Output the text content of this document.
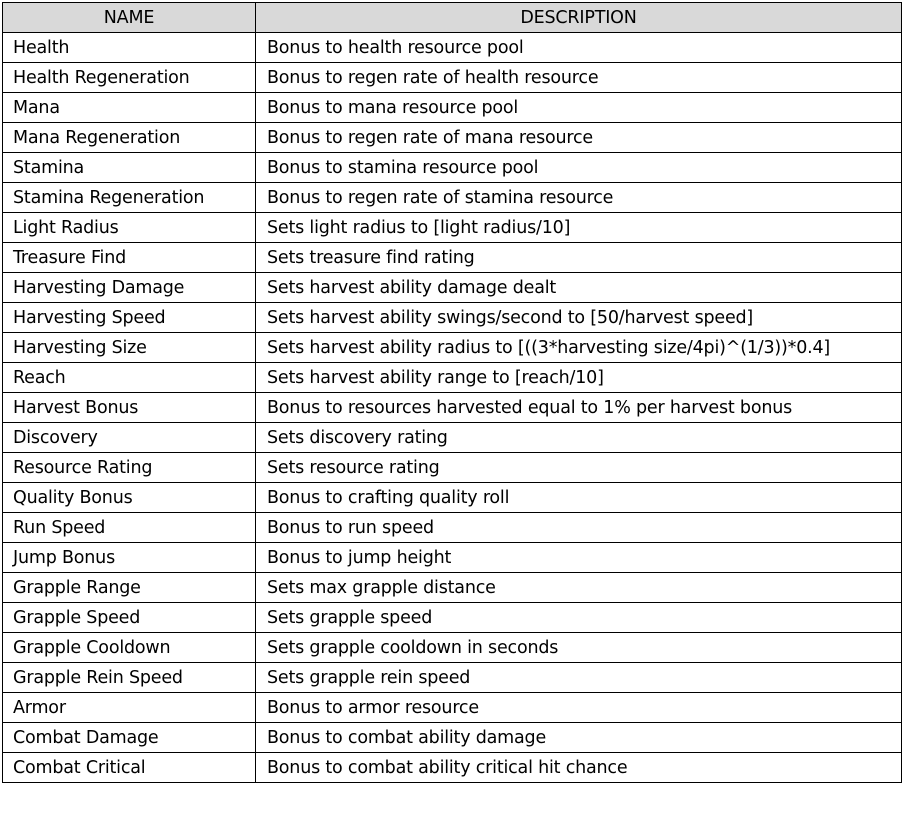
NAME	DESCRIPTION
Health	Bonus to health resource pool
Health Regeneration	Bonus to regen rate of health resource
Mana	Bonus to mana resource pool
Mana Regeneration	Bonus to regen rate of mana resource
Stamina	Bonus to stamina resource pool
Stamina Regeneration	Bonus to regen rate of stamina resource
Light Radius	Sets light radius to [light radius/10]
Treasure Find	Sets treasure find rating
Harvesting Damage	Sets harvest ability damage dealt
Harvesting Speed	Sets harvest ability swings/second to [50/harvest speed]
Harvesting Size	Sets harvest ability radius to [((3*harvesting size/4pi)^(1/3))*0.4]
Reach	Sets harvest ability range to [reach/10]
Harvest Bonus	Bonus to resources harvested equal to 1% per harvest bonus
Discovery	Sets discovery rating
Resource Rating	Sets resource rating
Quality Bonus	Bonus to crafting quality roll
Run Speed	Bonus to run speed
Jump Bonus	Bonus to jump height
Grapple Range	Sets max grapple distance
Grapple Speed	Sets grapple speed
Grapple Cooldown	Sets grapple cooldown in seconds
Grapple Rein Speed	Sets grapple rein speed
Armor	Bonus to armor resource
Combat Damage	Bonus to combat ability damage
Combat Critical	Bonus to combat ability critical hit chance
